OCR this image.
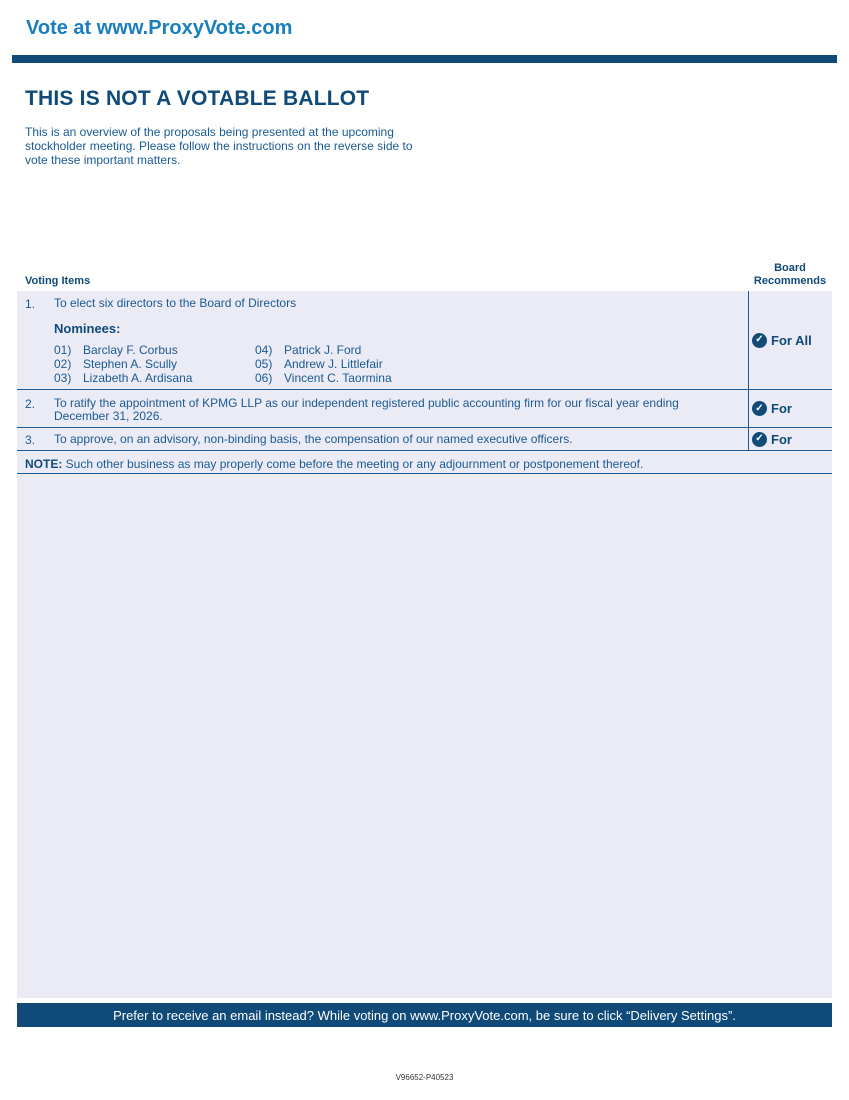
Vote at www.ProxyVote.com
THIS IS NOT A VOTABLE BALLOT
This is an overview of the proposals being presented at the upcoming stockholder meeting. Please follow the instructions on the reverse side to vote these important matters.
Voting Items
Board
Recommends
1. To elect six directors to the Board of Directors
Nominees:
01) Barclay F. Corbus
02) Stephen A. Scully
03) Lizabeth A. Ardisana
04) Patrick J. Ford
05) Andrew J. Littlefair
06) Vincent C. Taormina
✓ For All
2. To ratify the appointment of KPMG LLP as our independent registered public accounting firm for our fiscal year ending
December 31, 2026.
✓ For
3. To approve, on an advisory, non-binding basis, the compensation of our named executive officers.	✓ For
NOTE: Such other business as may properly come before the meeting or any adjournment or postponement thereof.
Prefer to receive an email instead? While voting on www.ProxyVote.com, be sure to click “Delivery Settings”.
V96652-P40523
